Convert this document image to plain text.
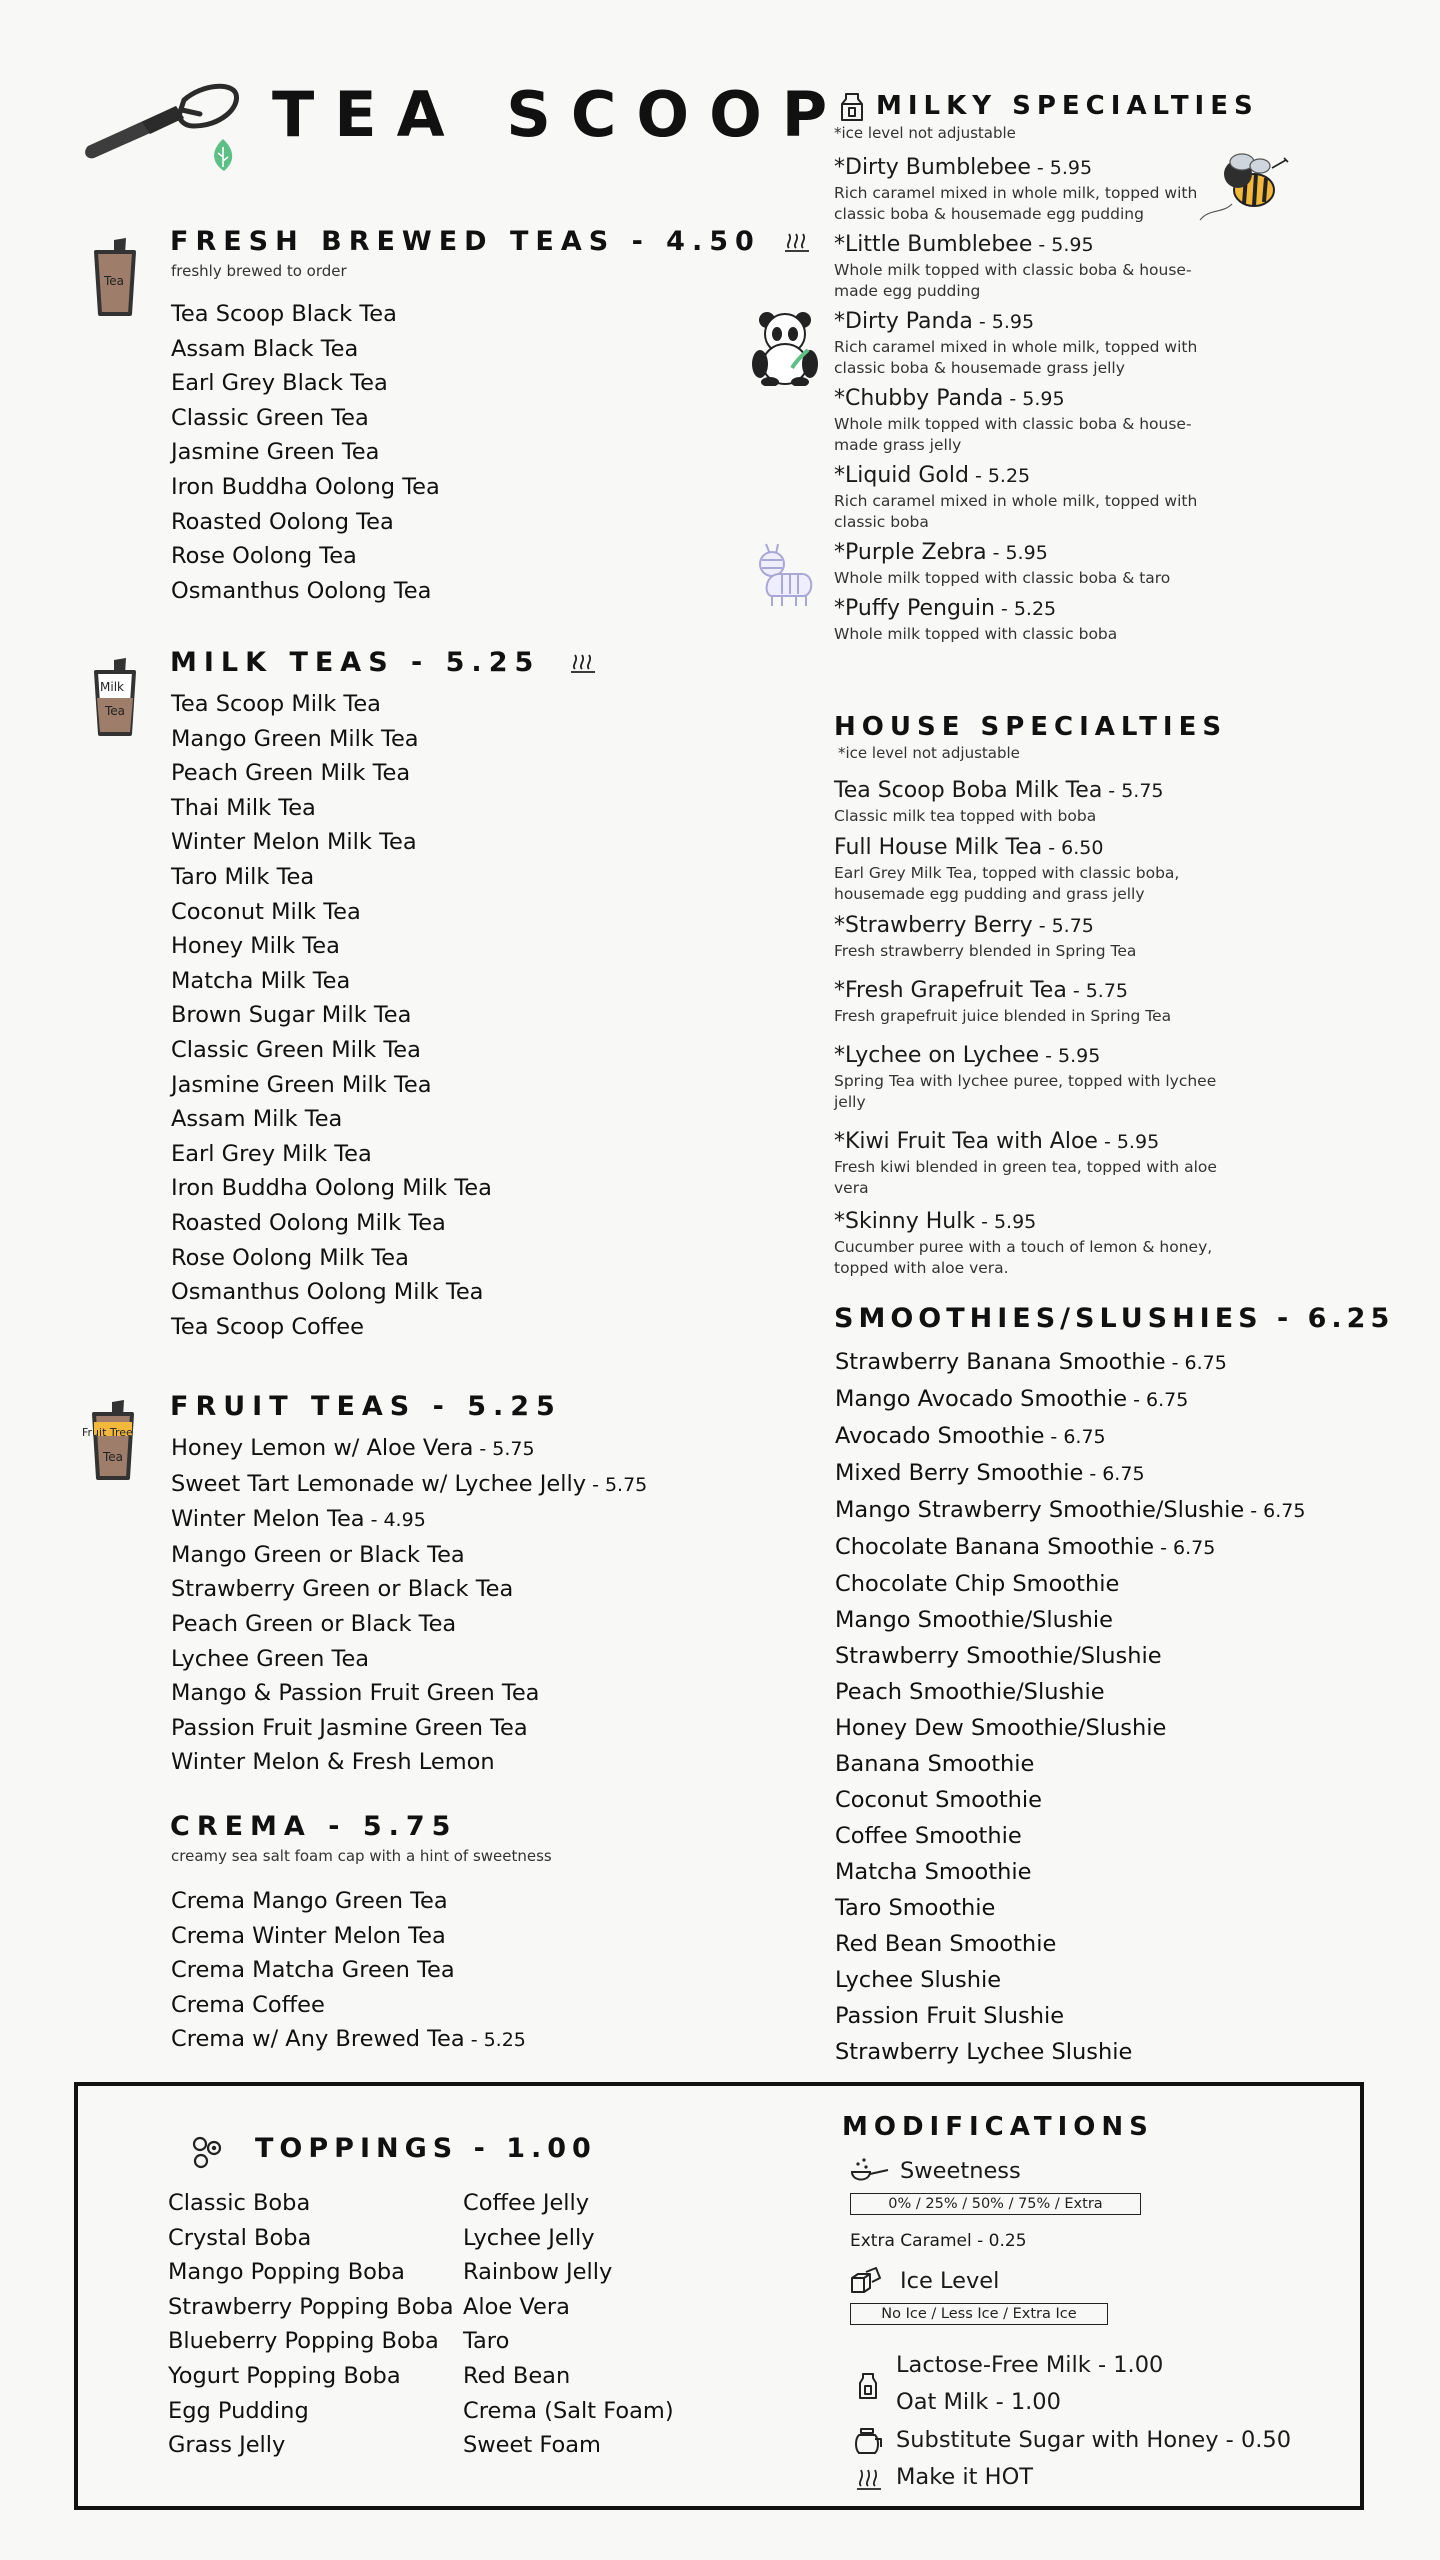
TEA SCOOP
Tea
FRESH BREWED TEAS - 4.50
freshly brewed to order
Tea Scoop Black Tea
Assam Black Tea
Earl Grey Black Tea
Classic Green Tea
Jasmine Green Tea
Iron Buddha Oolong Tea
Roasted Oolong Tea
Rose Oolong Tea
Osmanthus Oolong Tea
Milk
Tea
MILK TEAS - 5.25
Tea Scoop Milk Tea
Mango Green Milk Tea
Peach Green Milk Tea
Thai Milk Tea
Winter Melon Milk Tea
Taro Milk Tea
Coconut Milk Tea
Honey Milk Tea
Matcha Milk Tea
Brown Sugar Milk Tea
Classic Green Milk Tea
Jasmine Green Milk Tea
Assam Milk Tea
Earl Grey Milk Tea
Iron Buddha Oolong Milk Tea
Roasted Oolong Milk Tea
Rose Oolong Milk Tea
Osmanthus Oolong Milk Tea
Tea Scoop Coffee
Fruit Tree
Tea
FRUIT TEAS - 5.25
Honey Lemon w/ Aloe Vera - 5.75
Sweet Tart Lemonade w/ Lychee Jelly - 5.75
Winter Melon Tea - 4.95
Mango Green or Black Tea
Strawberry Green or Black Tea
Peach Green or Black Tea
Lychee Green Tea
Mango & Passion Fruit Green Tea
Passion Fruit Jasmine Green Tea
Winter Melon & Fresh Lemon
CREMA - 5.75
creamy sea salt foam cap with a hint of sweetness
Crema Mango Green Tea
Crema Winter Melon Tea
Crema Matcha Green Tea
Crema Coffee
Crema w/ Any Brewed Tea - 5.25
MILKY SPECIALTIES
*ice level not adjustable
*Dirty Bumblebee - 5.95
Rich caramel mixed in whole milk, topped with classic boba & housemade egg pudding
*Little Bumblebee - 5.95
Whole milk topped with classic boba & house-made egg pudding
*Dirty Panda - 5.95
Rich caramel mixed in whole milk, topped with classic boba & housemade grass jelly
*Chubby Panda - 5.95
Whole milk topped with classic boba & house-made grass jelly
*Liquid Gold - 5.25
Rich caramel mixed in whole milk, topped with classic boba
*Purple Zebra - 5.95
Whole milk topped with classic boba & taro
*Puffy Penguin - 5.25
Whole milk topped with classic boba
HOUSE SPECIALTIES
*ice level not adjustable
Tea Scoop Boba Milk Tea - 5.75
Classic milk tea topped with boba
Full House Milk Tea - 6.50
Earl Grey Milk Tea, topped with classic boba, housemade egg pudding and grass jelly
*Strawberry Berry - 5.75
Fresh strawberry blended in Spring Tea
*Fresh Grapefruit Tea - 5.75
Fresh grapefruit juice blended in Spring Tea
*Lychee on Lychee - 5.95
Spring Tea with lychee puree, topped with lychee jelly
*Kiwi Fruit Tea with Aloe - 5.95
Fresh kiwi blended in green tea, topped with aloe vera
*Skinny Hulk - 5.95
Cucumber puree with a touch of lemon & honey, topped with aloe vera.
SMOOTHIES/SLUSHIES - 6.25
Strawberry Banana Smoothie - 6.75
Mango Avocado Smoothie - 6.75
Avocado Smoothie - 6.75
Mixed Berry Smoothie - 6.75
Mango Strawberry Smoothie/Slushie - 6.75
Chocolate Banana Smoothie - 6.75
Chocolate Chip Smoothie
Mango Smoothie/Slushie
Strawberry Smoothie/Slushie
Peach Smoothie/Slushie
Honey Dew Smoothie/Slushie
Banana Smoothie
Coconut Smoothie
Coffee Smoothie
Matcha Smoothie
Taro Smoothie
Red Bean Smoothie
Lychee Slushie
Passion Fruit Slushie
Strawberry Lychee Slushie
TOPPINGS - 1.00
Classic Boba
Crystal Boba
Mango Popping Boba
Strawberry Popping Boba
Blueberry Popping Boba
Yogurt Popping Boba
Egg Pudding
Grass Jelly
Coffee Jelly
Lychee Jelly
Rainbow Jelly
Aloe Vera
Taro
Red Bean
Crema (Salt Foam)
Sweet Foam
MODIFICATIONS
Sweetness
0% / 25% / 50% / 75% / Extra
Extra Caramel - 0.25
Ice Level
No Ice / Less Ice / Extra Ice
Lactose-Free Milk - 1.00
Oat Milk - 1.00
Substitute Sugar with Honey - 0.50
Make it HOT
